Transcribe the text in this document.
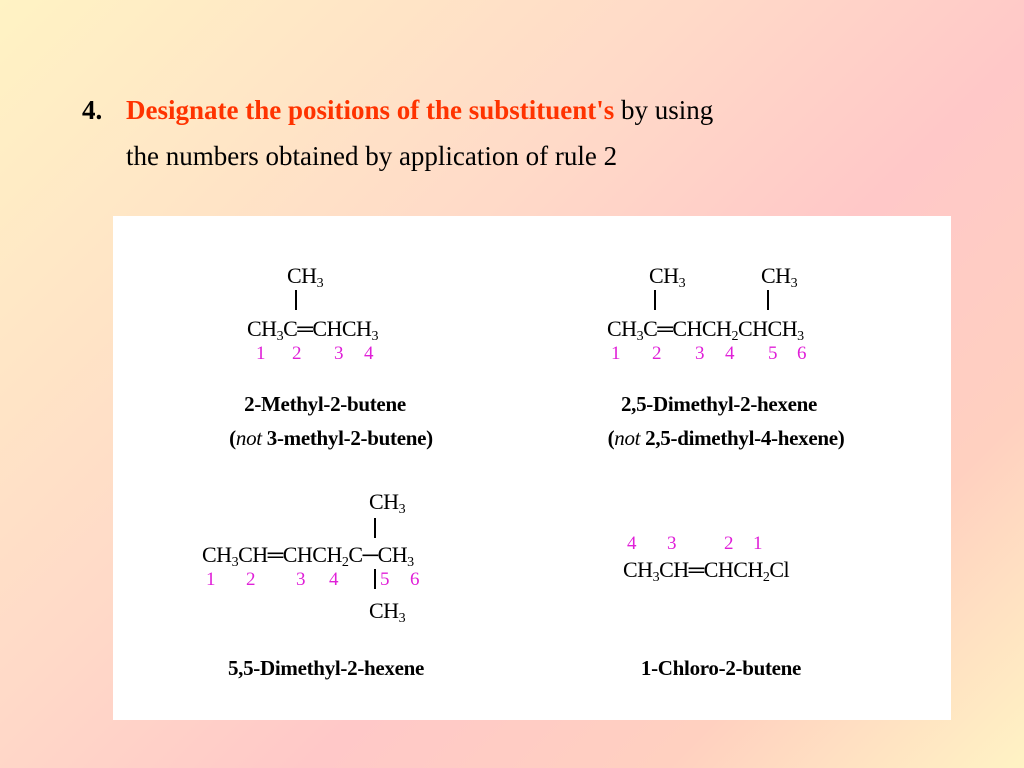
4. Designate the positions of the substituent's by using
the numbers obtained by application of rule 2
$CH_3$
$CH_3C═CHCH_3$
1 2 3 4
2-Methyl-2-butene
(not 3-methyl-2-butene)
$CH_3$	$CH_3$
$CH_3C═CHCH_2CHCH_3$
1 2 3 4 5 6
2,5-Dimethyl-2-hexene
(not 2,5-dimethyl-4-hexene)
$CH_3$
$CH_3CH═CHCH_2C─CH_3$
$CH_3$
1 2 3 4 5 6
5,5-Dimethyl-2-hexene
4 3	2 1
$CH_3CH═CHCH_2Cl$
1-Chloro-2-butene
